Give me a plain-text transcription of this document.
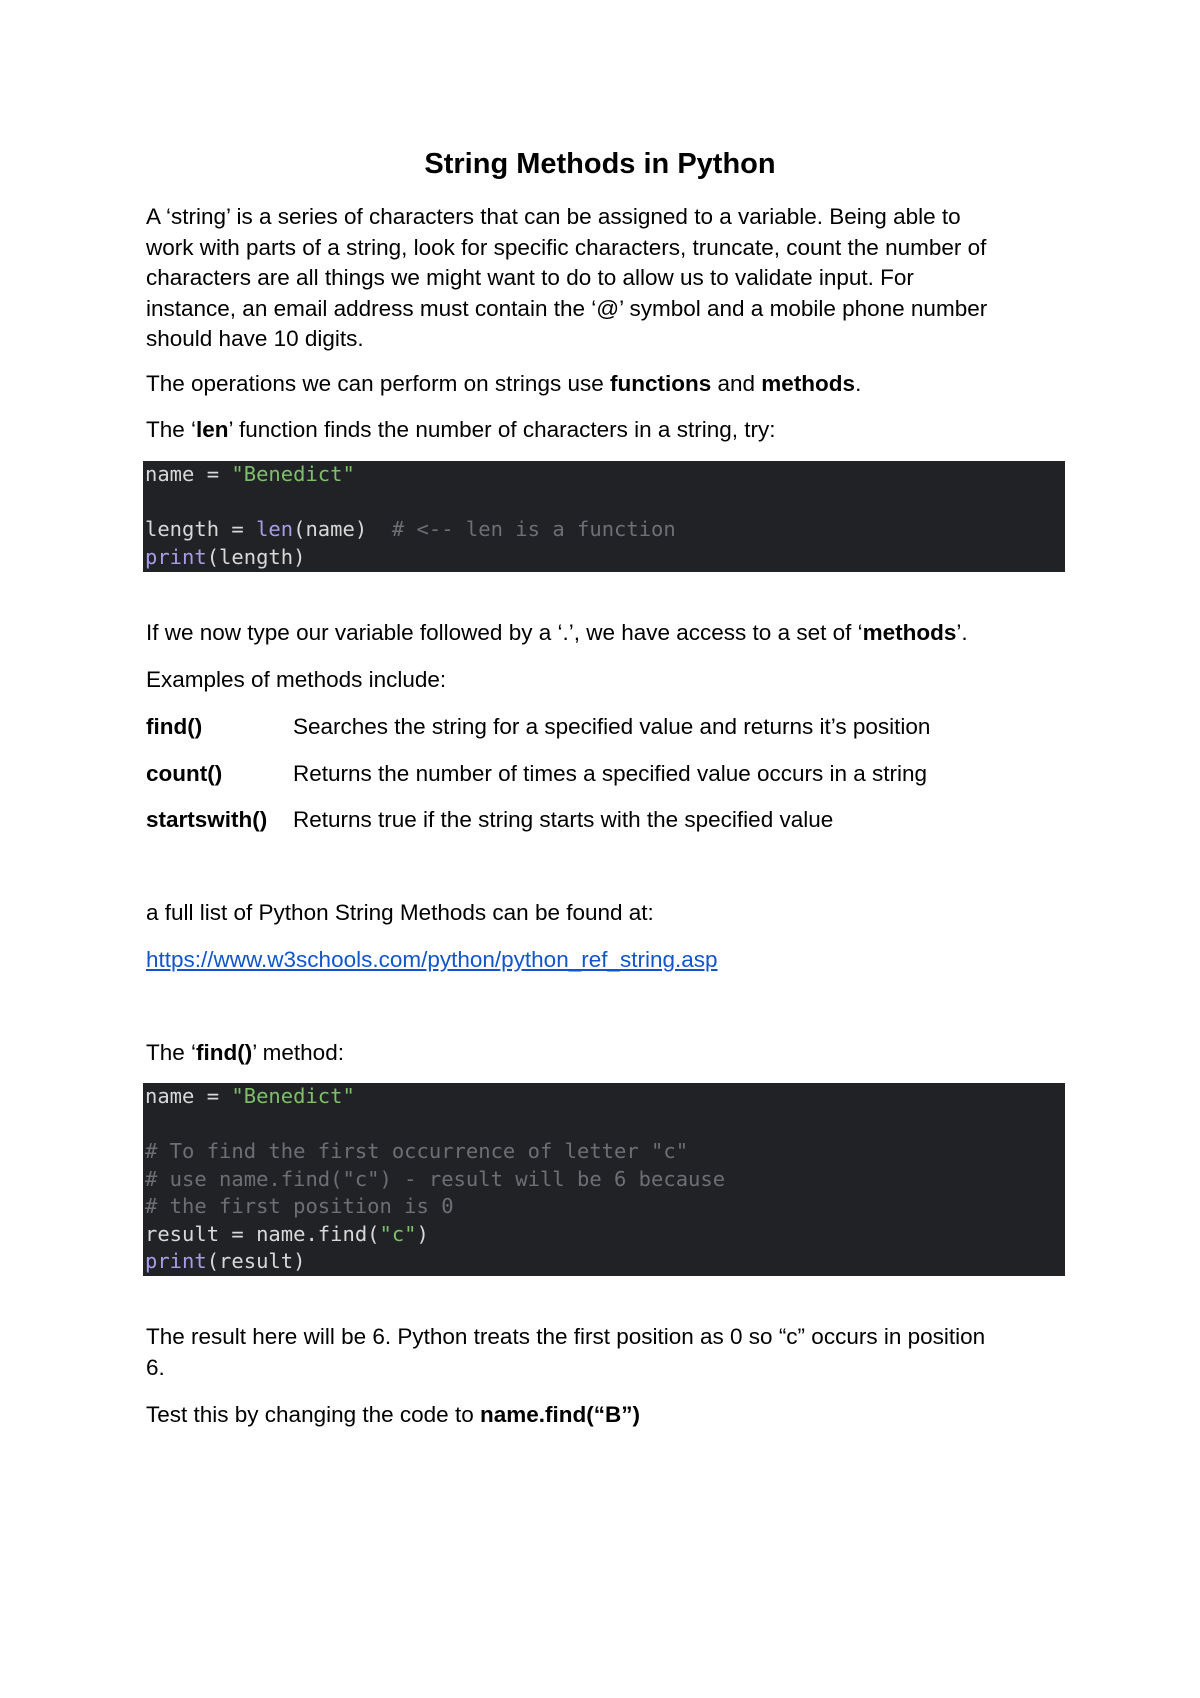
String Methods in Python
A ‘string’ is a series of characters that can be assigned to a variable. Being able to
work with parts of a string, look for specific characters, truncate, count the number of
characters are all things we might want to do to allow us to validate input. For
instance, an email address must contain the ‘@’ symbol and a mobile phone number
should have 10 digits.
The operations we can perform on strings use functions and methods.
The ‘len’ function finds the number of characters in a string, try:
name = "Benedict"
length = len(name)  # <-- len is a function
print(length)
If we now type our variable followed by a ‘.’, we have access to a set of ‘methods’.
Examples of methods include:
find()	Searches the string for a specified value and returns it’s position
count()	Returns the number of times a specified value occurs in a string
startswith() Returns true if the string starts with the specified value
a full list of Python String Methods can be found at:
https://www.w3schools.com/python/python_ref_string.asp
The ‘find()’ method:
name = "Benedict"
# To find the first occurrence of letter "c"
# use name.find("c") - result will be 6 because
# the first position is 0
result = name.find("c")
print(result)
The result here will be 6. Python treats the first position as 0 so “c” occurs in position
6.
Test this by changing the code to name.find(“B”)
